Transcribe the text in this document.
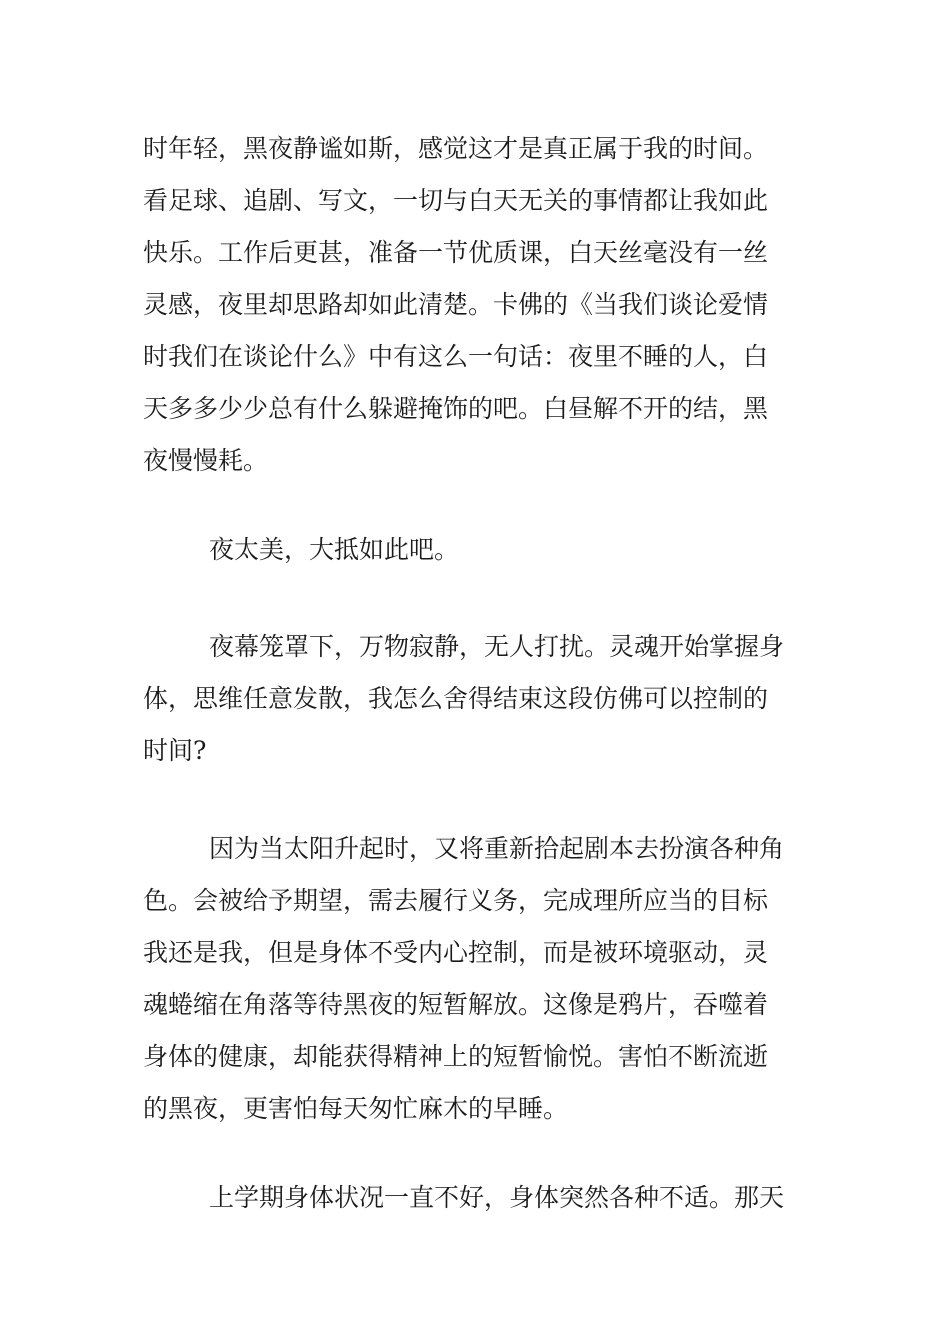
时年轻，黑夜静谧如斯，感觉这才是真正属于我的时间。
看足球、追剧、写文，一切与白天无关的事情都让我如此
快乐。工作后更甚，准备一节优质课，白天丝毫没有一丝
灵感，夜里却思路却如此清楚。卡佛的《当我们谈论爱情
时我们在谈论什么》中有这么一句话：夜里不睡的人，白
天多多少少总有什么躲避掩饰的吧。白昼解不开的结，黑
夜慢慢耗。
夜太美，大抵如此吧。
夜幕笼罩下，万物寂静，无人打扰。灵魂开始掌握身
体，思维任意发散，我怎么舍得结束这段仿佛可以控制的
时间?
因为当太阳升起时，又将重新拾起剧本去扮演各种角
色。会被给予期望，需去履行义务，完成理所应当的目标
我还是我，但是身体不受内心控制，而是被环境驱动，灵
魂蜷缩在角落等待黑夜的短暂解放。这像是鸦片，吞噬着
身体的健康，却能获得精神上的短暂愉悦。害怕不断流逝
的黑夜，更害怕每天匆忙麻木的早睡。
上学期身体状况一直不好，身体突然各种不适。那天
